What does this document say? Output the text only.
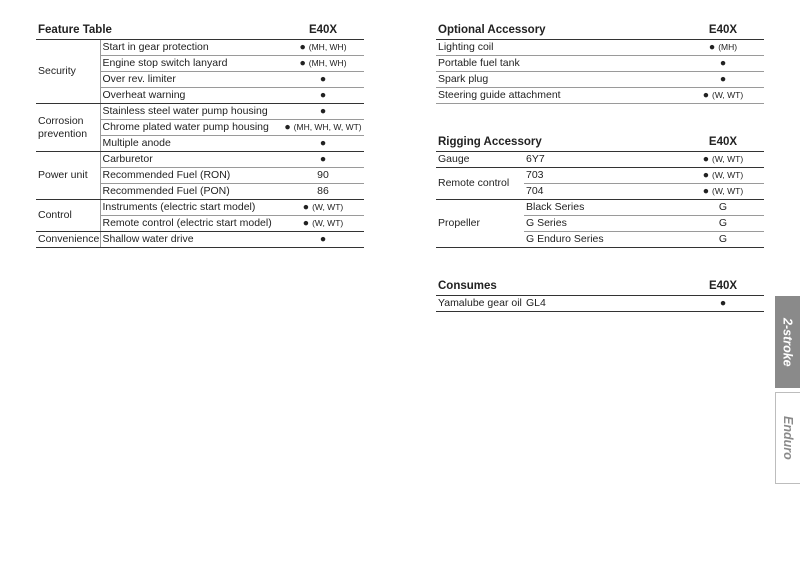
Feature Table		E40X
Security	Start in gear protection	● (MH, WH)
	Engine stop switch lanyard	● (MH, WH)
	Over rev. limiter	●
	Overheat warning	●
Corrosion prevention	Stainless steel water pump housing	●
	Chrome plated water pump housing	● (MH, WH, W, WT)
	Multiple anode	●
Power unit	Carburetor	●
	Recommended Fuel (RON)	90
	Recommended Fuel (PON)	86
Control	Instruments (electric start model)	● (W, WT)
	Remote control (electric start model)	● (W, WT)
Convenience	Shallow water drive	●
Optional Accessory	E40X
Lighting coil	● (MH)
Portable fuel tank	●
Spark plug	●
Steering guide attachment	● (W, WT)
Rigging Accessory		E40X
Gauge	6Y7	● (W, WT)
Remote control	703	● (W, WT)
	704	● (W, WT)
Propeller	Black Series	G
	G Series	G
	G Enduro Series	G
Consumes		E40X
Yamalube gear oil	GL4	●
2-stroke
Enduro
